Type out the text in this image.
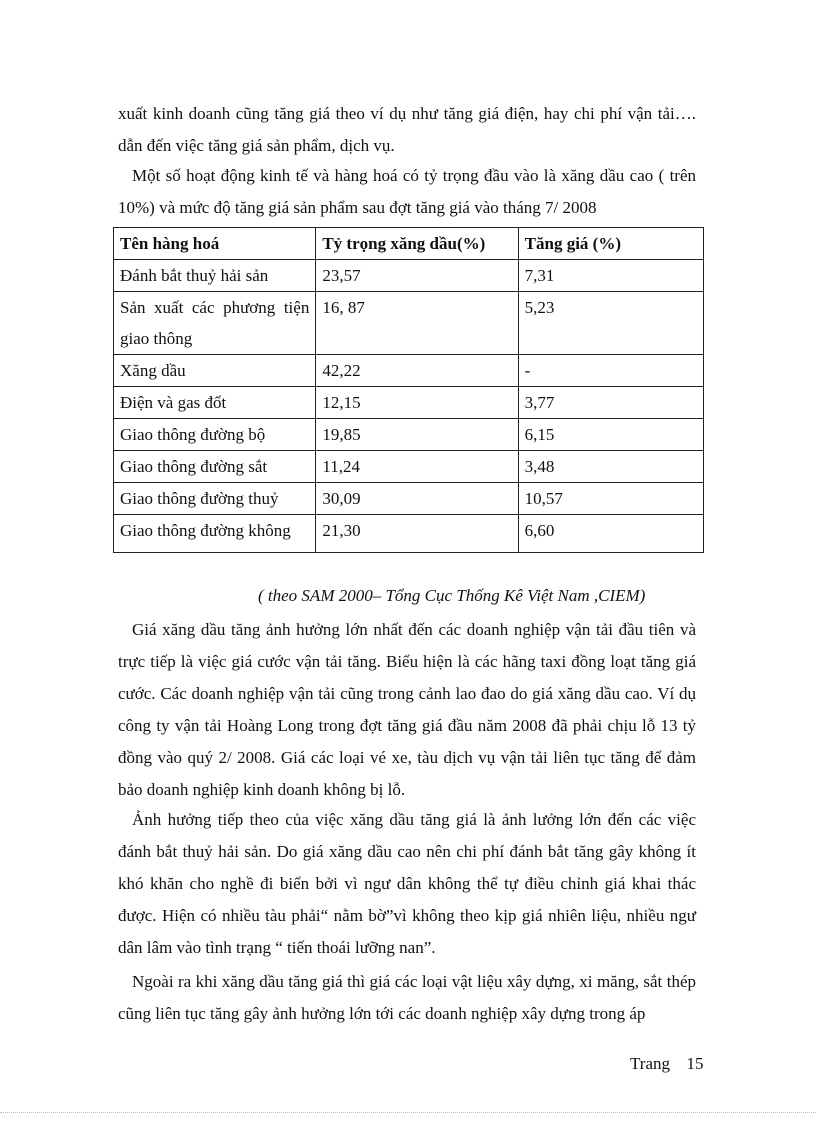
xuất kinh doanh cũng tăng giá theo ví dụ như tăng giá điện, hay chi phí vận tải…. dẫn đến việc tăng giá sản phẩm, dịch vụ.

Một số hoạt động kinh tế và hàng hoá có tỷ trọng đầu vào là xăng dầu cao ( trên 10%) và mức độ tăng giá sản phẩm sau đợt tăng giá vào tháng 7/ 2008

Tên hàng hoá	Tỷ trọng xăng dầu(%)	Tăng giá (%)
Đánh bắt thuỷ hải sản	23,57	7,31
Sản xuất các phương tiện giao thông	16, 87	5,23
Xăng dầu	42,22	-
Điện và gas đốt	12,15	3,77
Giao thông đường bộ	19,85	6,15
Giao thông đường sắt	11,24	3,48
Giao thông đường thuỷ	30,09	10,57
Giao thông đường không	21,30	6,60
( theo SAM 2000– Tổng Cục Thống Kê Việt Nam ,CIEM)

Giá xăng dầu tăng ảnh hưởng lớn nhất đến các doanh nghiệp vận tải đầu tiên và trực tiếp là việc giá cước vận tải tăng. Biểu hiện là các hãng taxi đồng loạt tăng giá cước. Các doanh nghiệp vận tải cũng trong cảnh lao đao do giá xăng dầu cao. Ví dụ công ty vận tải Hoàng Long trong đợt tăng giá đầu năm 2008 đã phải chịu lỗ 13 tỷ đồng vào quý 2/ 2008. Giá các loại vé xe, tàu dịch vụ vận tải liên tục tăng để đảm bảo doanh nghiệp kinh doanh không bị lỗ.

Ảnh hưởng tiếp theo của việc xăng dầu tăng giá là ảnh lưởng lớn đến các việc đánh bắt thuỷ hải sản. Do giá xăng dầu cao nên chi phí đánh bắt tăng gây không ít khó khăn cho nghề đi biển bởi vì ngư dân không thể tự điều chỉnh giá khai thác được. Hiện có nhiều tàu phải“ nằm bờ”vì không theo kịp giá nhiên liệu, nhiều ngư dân lâm vào tình trạng “ tiến thoái lưỡng nan”.

Ngoài ra khi xăng dầu tăng giá thì giá các loại vật liệu xây dựng, xi măng, sắt thép cũng liên tục tăng gây ảnh hưởng lớn tới các doanh nghiệp xây dựng trong áp

Trang 15
